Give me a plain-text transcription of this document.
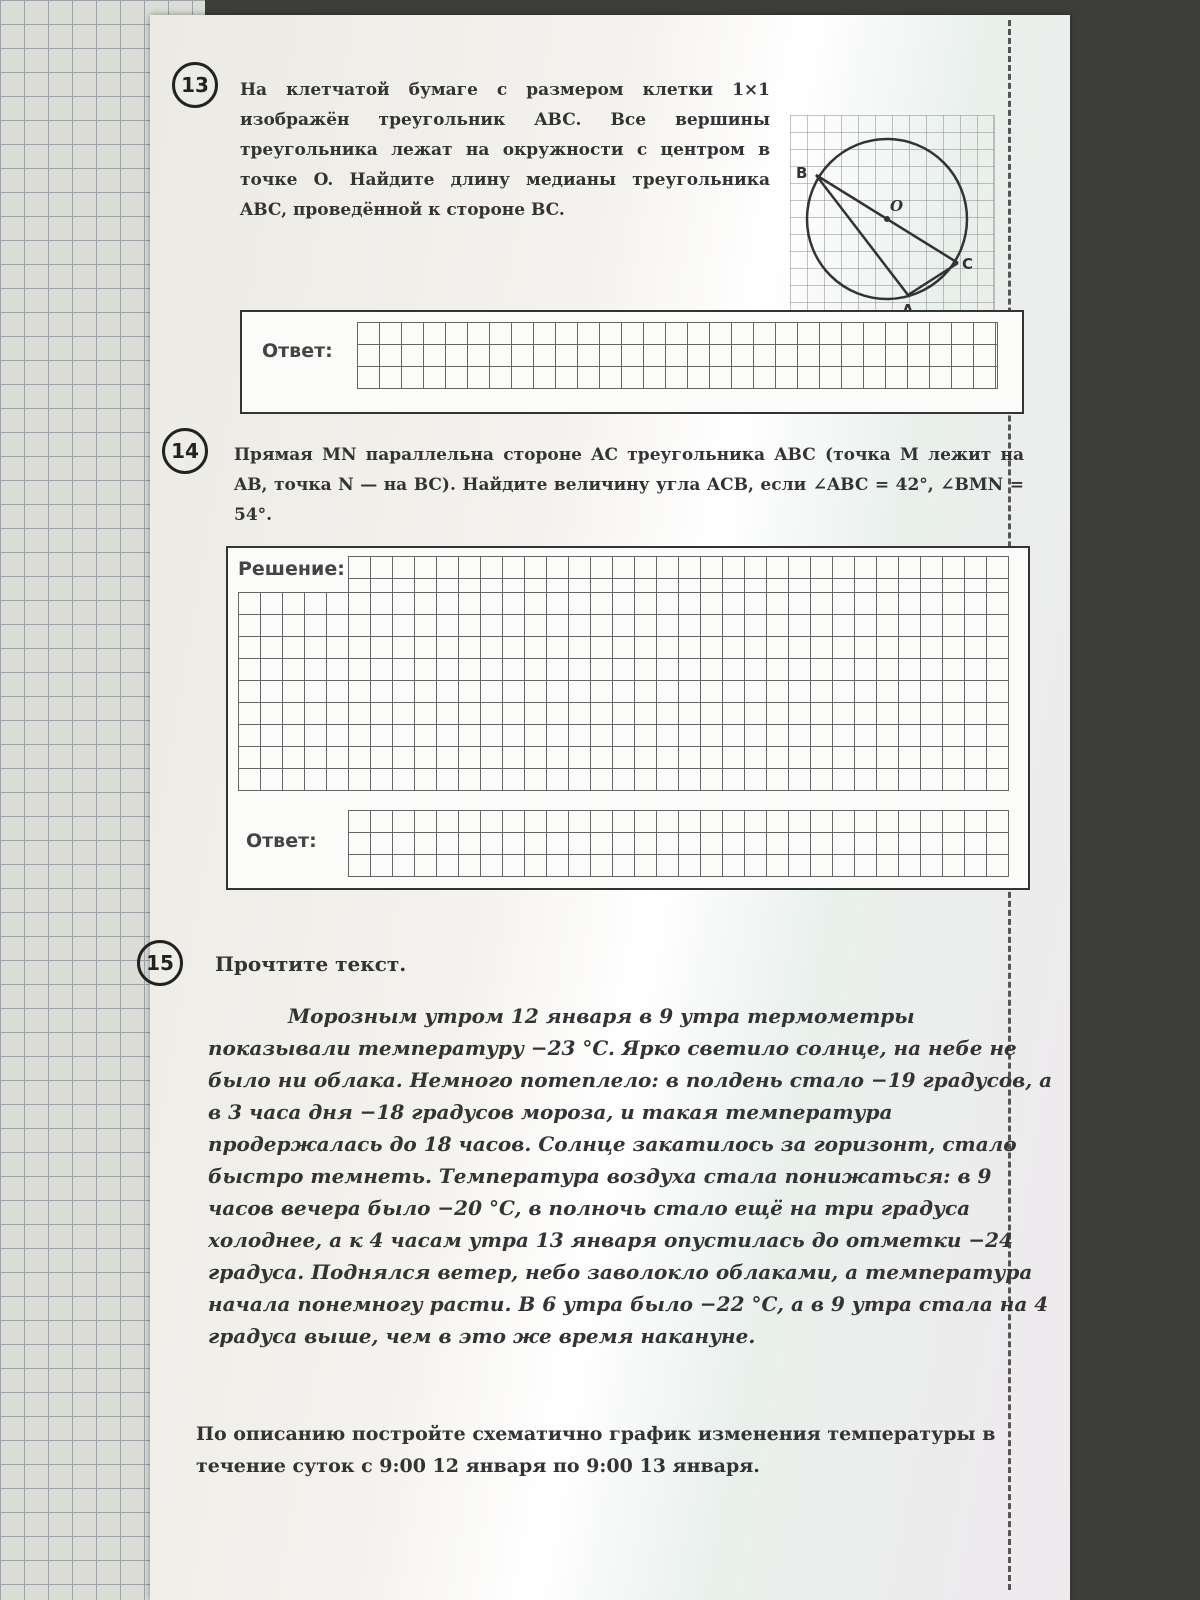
13	На клетчатой бумаге с размером клетки 1×1 изображён треугольник ABC. Все вершины треугольника лежат на окружности с центром в точке O. Найдите длину медианы треугольника ABC, проведённой к стороне BC.
B
O
C
Ответ:
14	Прямая MN параллельна стороне AC треугольника ABC (точка M лежит на AB, точка N — на BC). Найдите величину угла ACB, если ∠ABC = 42°, ∠BMN = 54°.
Решение:
Ответ:
15	Прочтите текст.
Морозным утром 12 января в 9 утра термометры показывали температуру −23 °C. Ярко светило солнце, на небе не было ни облака. Немного потеплело: в полдень стало −19 градусов, а в 3 часа дня −18 градусов мороза, и такая температура продержалась до 18 часов. Солнце закатилось за горизонт, стало быстро темнеть. Температура воздуха стала понижаться: в 9 часов вечера было −20 °C, в полночь стало ещё на три градуса холоднее, а к 4 часам утра 13 января опустилась до отметки −24 градуса. Поднялся ветер, небо заволокло облаками, а температура начала понемногу расти. В 6 утра было −22 °C, а в 9 утра стала на 4 градуса выше, чем в это же время накануне.
По описанию постройте схематично график изменения температуры в течение суток с 9:00 12 января по 9:00 13 января.
